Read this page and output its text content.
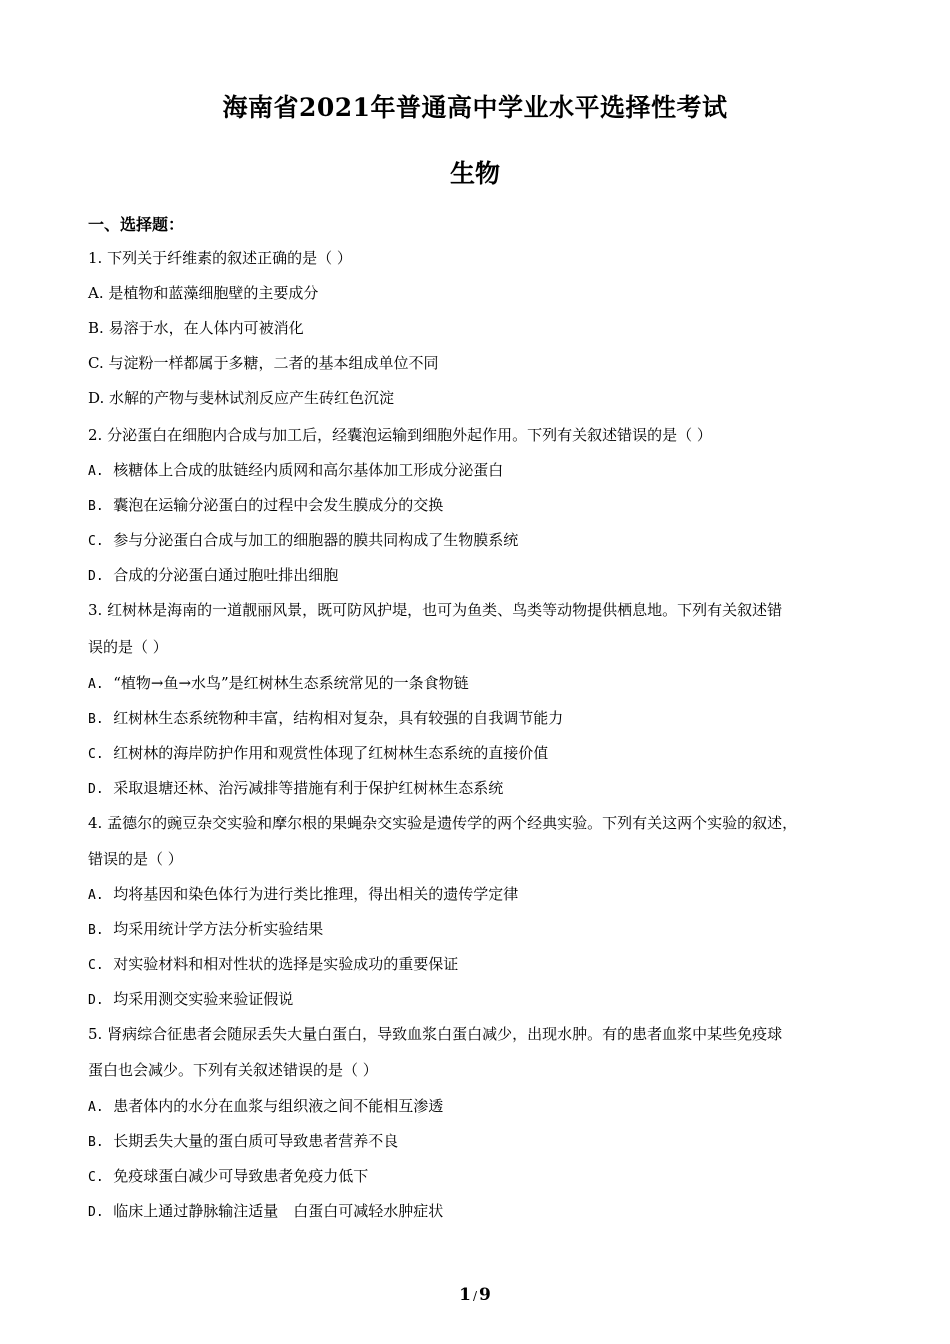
海南省2021年普通高中学业水平选择性考试
生物
一、选择题：
1. 下列关于纤维素的叙述正确的是（ ）
A. 是植物和蓝藻细胞壁的主要成分
B. 易溶于水，在人体内可被消化
C. 与淀粉一样都属于多糖，二者的基本组成单位不同
D. 水解的产物与斐林试剂反应产生砖红色沉淀
2. 分泌蛋白在细胞内合成与加工后，经囊泡运输到细胞外起作用。下列有关叙述错误的是（ ）
A. 核糖体上合成的肽链经内质网和高尔基体加工形成分泌蛋白
B. 囊泡在运输分泌蛋白的过程中会发生膜成分的交换
C. 参与分泌蛋白合成与加工的细胞器的膜共同构成了生物膜系统
D. 合成的分泌蛋白通过胞吐排出细胞
3. 红树林是海南的一道靓丽风景，既可防风护堤，也可为鱼类、鸟类等动物提供栖息地。下列有关叙述错
误的是（ ）
A. “植物→鱼→水鸟”是红树林生态系统常见的一条食物链
B. 红树林生态系统物种丰富，结构相对复杂，具有较强的自我调节能力
C. 红树林的海岸防护作用和观赏性体现了红树林生态系统的直接价值
D. 采取退塘还林、治污减排等措施有利于保护红树林生态系统
4. 孟德尔的豌豆杂交实验和摩尔根的果蝇杂交实验是遗传学的两个经典实验。下列有关这两个实验的叙述，
错误的是（ ）
A. 均将基因和染色体行为进行类比推理，得出相关的遗传学定律
B. 均采用统计学方法分析实验结果
C. 对实验材料和相对性状的选择是实验成功的重要保证
D. 均采用测交实验来验证假说
5. 肾病综合征患者会随尿丢失大量白蛋白，导致血浆白蛋白减少，出现水肿。有的患者血浆中某些免疫球
蛋白也会减少。下列有关叙述错误的是（ ）
A. 患者体内的水分在血浆与组织液之间不能相互渗透
B. 长期丢失大量的蛋白质可导致患者营养不良
C. 免疫球蛋白减少可导致患者免疫力低下
D. 临床上通过静脉输注适量　白蛋白可减轻水肿症状
1 / 9
